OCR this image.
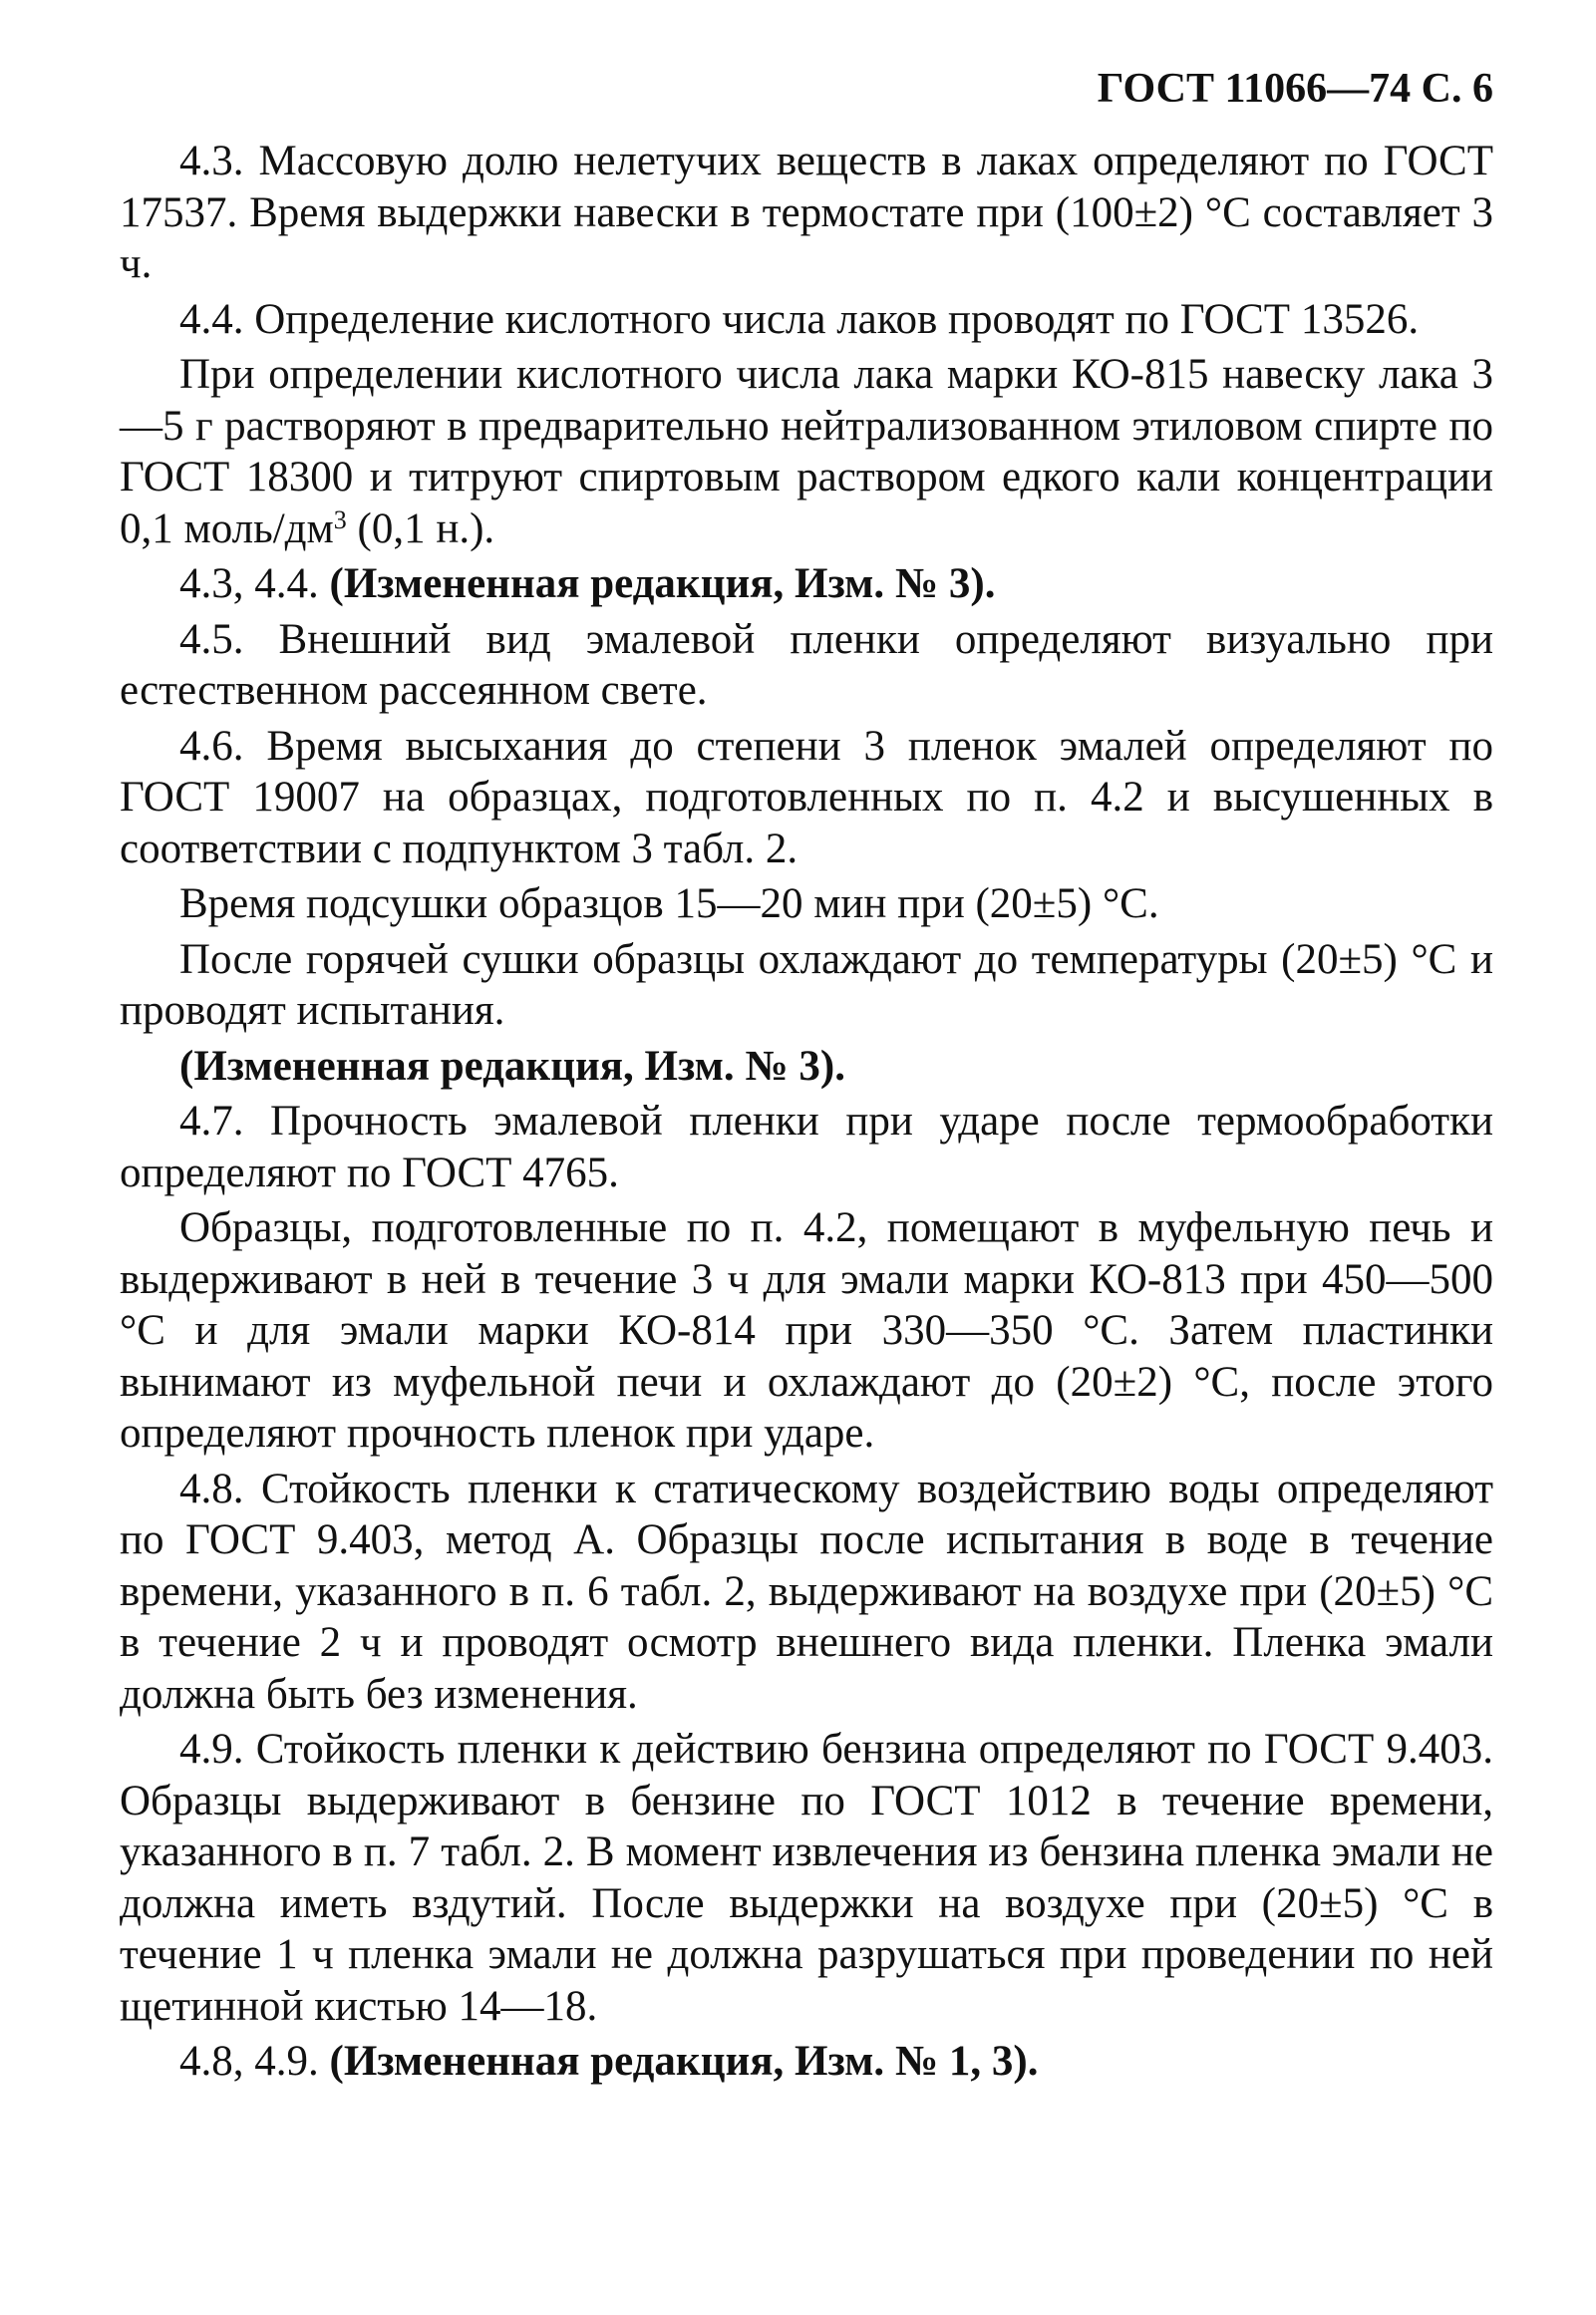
ГОСТ 11066—74 С. 6

4.3. Массовую долю нелетучих веществ в лаках определяют по ГОСТ 17537. Время выдержки навески в термостате при (100±2) °С составляет 3 ч.

4.4. Определение кислотного числа лаков проводят по ГОСТ 13526.

При определении кислотного числа лака марки КО-815 навеску лака 3—5 г растворяют в предварительно нейтрализованном этиловом спирте по ГОСТ 18300 и титруют спиртовым раствором едкого кали концентрации 0,1 моль/$дм^3$ (0,1 н.).

4.3, 4.4. (Измененная редакция, Изм. № 3).

4.5. Внешний вид эмалевой пленки определяют визуально при естественном рассеянном свете.

4.6. Время высыхания до степени 3 пленок эмалей определяют по ГОСТ 19007 на образцах, подготовленных по п. 4.2 и высушенных в соответствии с подпунктом 3 табл. 2.

Время подсушки образцов 15—20 мин при (20±5) °С.

После горячей сушки образцы охлаждают до температуры (20±5) °С и проводят испытания.

(Измененная редакция, Изм. № 3).

4.7. Прочность эмалевой пленки при ударе после термообработки определяют по ГОСТ 4765.

Образцы, подготовленные по п. 4.2, помещают в муфельную печь и выдерживают в ней в течение 3 ч для эмали марки КО-813 при 450—500 °С и для эмали марки КО-814 при 330—350 °С. Затем пластинки вынимают из муфельной печи и охлаждают до (20±2) °С, после этого определяют прочность пленок при ударе.

4.8. Стойкость пленки к статическому воздействию воды определяют по ГОСТ 9.403, метод А. Образцы после испытания в воде в течение времени, указанного в п. 6 табл. 2, выдерживают на воздухе при (20±5) °С в течение 2 ч и проводят осмотр внешнего вида пленки. Пленка эмали должна быть без изменения.

4.9. Стойкость пленки к действию бензина определяют по ГОСТ 9.403. Образцы выдерживают в бензине по ГОСТ 1012 в течение времени, указанного в п. 7 табл. 2. В момент извлечения из бензина пленка эмали не должна иметь вздутий. После выдержки на воздухе при (20±5) °С в течение 1 ч пленка эмали не должна разрушаться при проведении по ней щетинной кистью 14—18.

4.8, 4.9. (Измененная редакция, Изм. № 1, 3).
